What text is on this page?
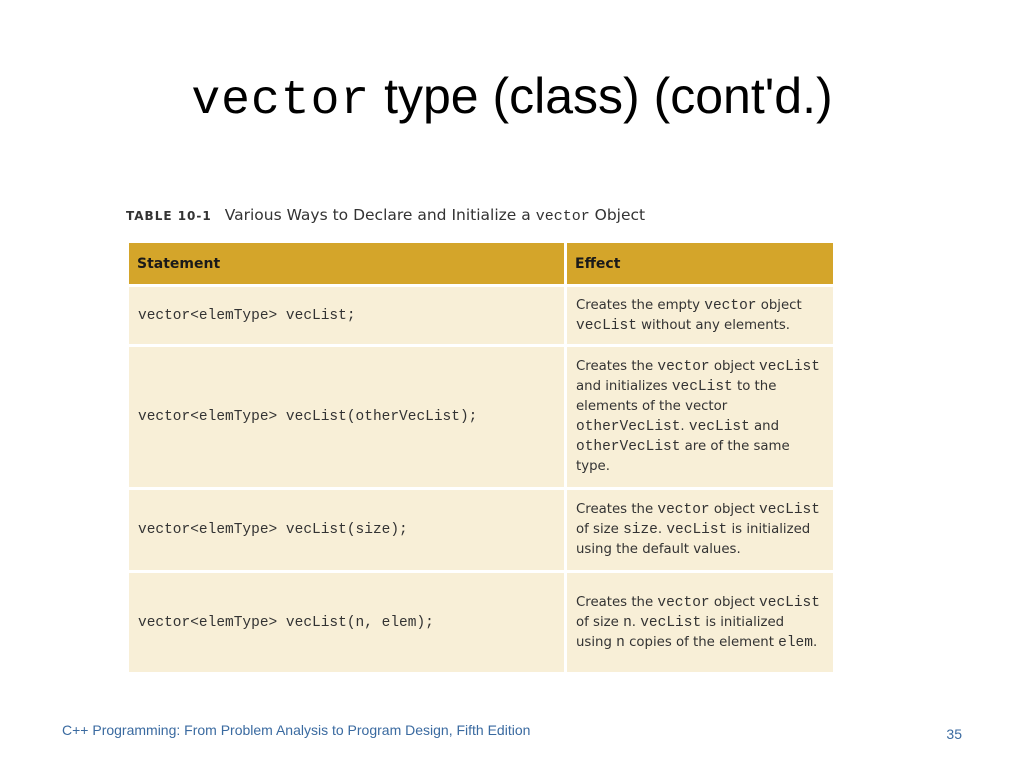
vector type (class) (cont'd.)
TABLE 10-1 Various Ways to Declare and Initialize a vector Object
Statement	Effect
vector<elemType> vecList;	Creates the empty vector object vecList without any elements.
vector<elemType> vecList(otherVecList);	Creates the vector object vecList and initializes vecList to the elements of the vector otherVecList. vecList and otherVecList are of the same type.
vector<elemType> vecList(size);	Creates the vector object vecList of size size. vecList is initialized using the default values.
vector<elemType> vecList(n, elem);	Creates the vector object vecList of size n. vecList is initialized using n copies of the element elem.
C++ Programming: From Problem Analysis to Program Design, Fifth Edition	35
